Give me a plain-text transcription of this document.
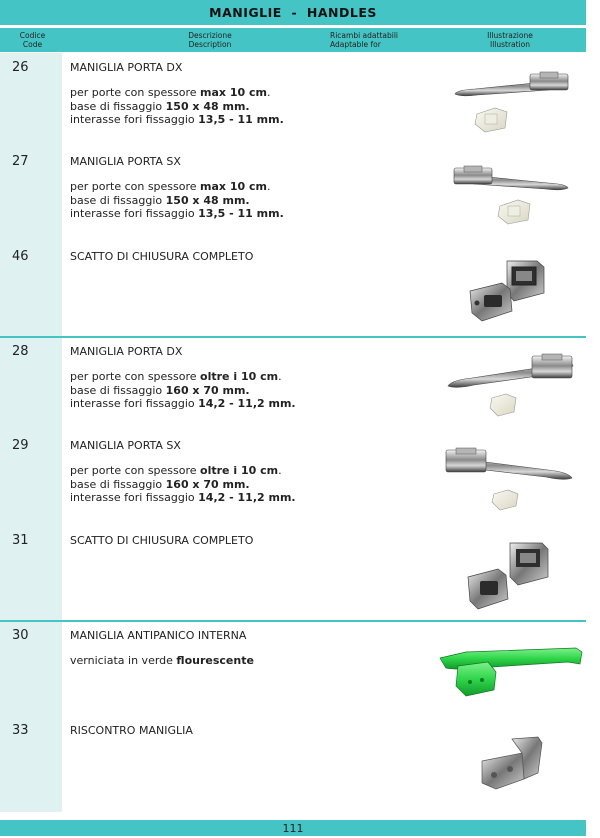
MANIGLIE  -  HANDLES
Codice
Code
Descrizione
Description
Ricambi adattabili
Adaptable for
Illustrazione
Illustration
26	MANIGLIA PORTA DX
per porte con spessore max 10 cm.
base di fissaggio 150 x 48 mm.
interasse fori fissaggio 13,5 - 11 mm.
27	MANIGLIA PORTA SX
per porte con spessore max 10 cm.
base di fissaggio 150 x 48 mm.
interasse fori fissaggio 13,5 - 11 mm.
46	SCATTO DI CHIUSURA COMPLETO
28	MANIGLIA PORTA DX
per porte con spessore oltre i 10 cm.
base di fissaggio 160 x 70 mm.
interasse fori fissaggio 14,2 - 11,2 mm.
29	MANIGLIA PORTA SX
per porte con spessore oltre i 10 cm.
base di fissaggio 160 x 70 mm.
interasse fori fissaggio 14,2 - 11,2 mm.
31	SCATTO DI CHIUSURA COMPLETO
30	MANIGLIA ANTIPANICO INTERNA
verniciata in verde flourescente
33	RISCONTRO MANIGLIA
111
